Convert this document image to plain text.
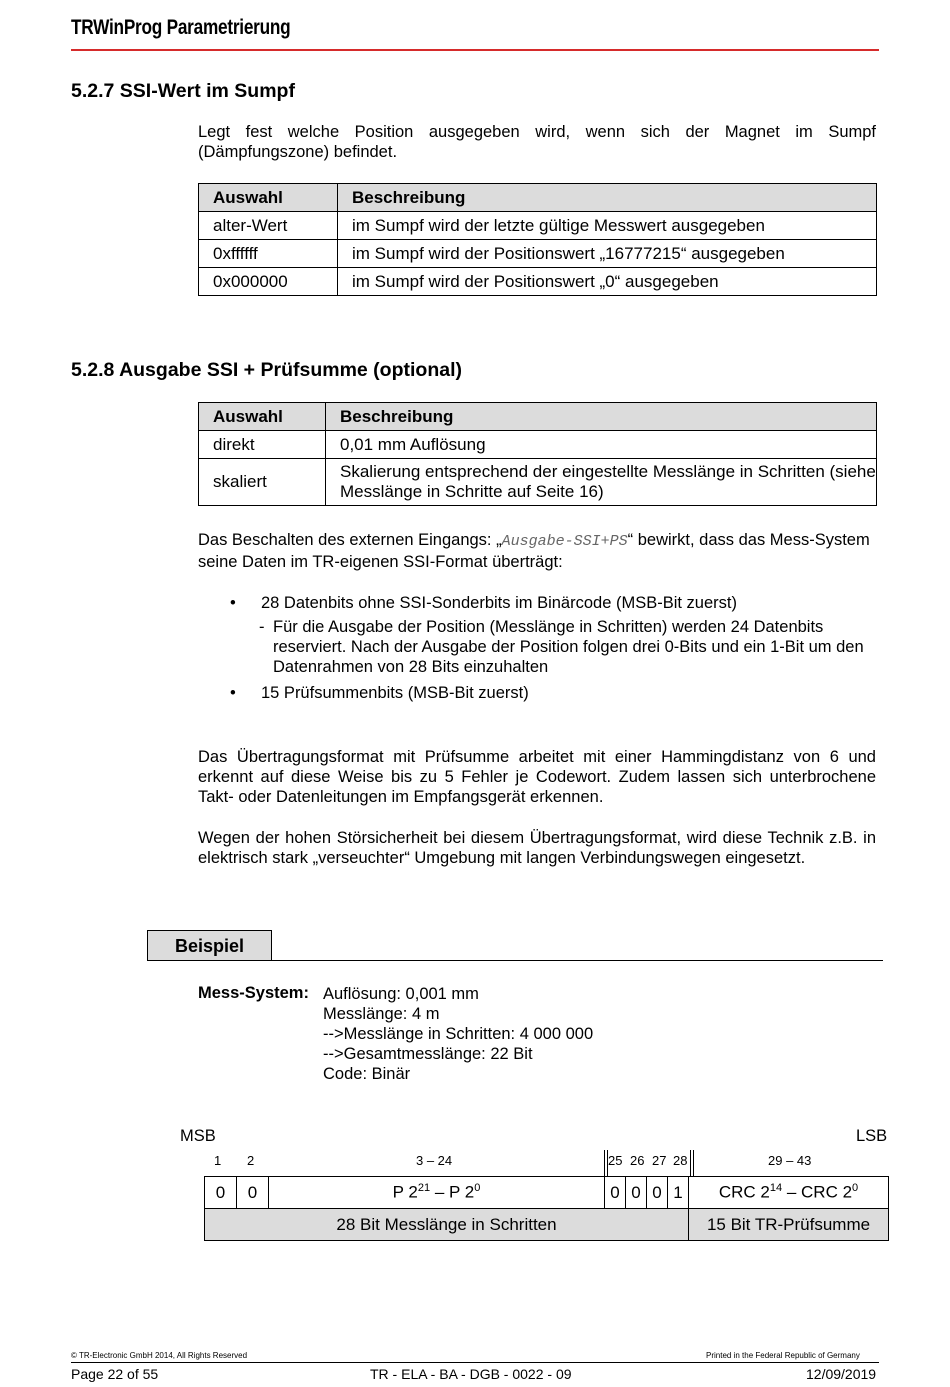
TRWinProg Parametrierung
5.2.7 SSI-Wert im Sumpf

Legt fest welche Position ausgegeben wird, wenn sich der Magnet im Sumpf (Dämpfungszone) befindet.

Auswahl	Beschreibung
alter-Wert	im Sumpf wird der letzte gültige Messwert ausgegeben
0xffffff	im Sumpf wird der Positionswert „16777215“ ausgegeben
0x000000	im Sumpf wird der Positionswert „0“ ausgegeben
5.2.8 Ausgabe SSI + Prüfsumme (optional)
Auswahl	Beschreibung
direkt	0,01 mm Auflösung
skaliert	Skalierung entsprechend der eingestellte Messlänge in Schritten (siehe Messlänge in Schritte auf Seite 16)

Das Beschalten des externen Eingangs: „Ausgabe-SSI+PS“ bewirkt, dass das Mess-System seine Daten im TR-eigenen SSI-Format überträgt:

• 28 Datenbits ohne SSI-Sonderbits im Binärcode (MSB-Bit zuerst)
- Für die Ausgabe der Position (Messlänge in Schritten) werden 24 Datenbits reserviert. Nach der Ausgabe der Position folgen drei 0-Bits und ein 1-Bit um den Datenrahmen von 28 Bits einzuhalten
• 15 Prüfsummenbits (MSB-Bit zuerst)

Das Übertragungsformat mit Prüfsumme arbeitet mit einer Hammingdistanz von 6 und erkennt auf diese Weise bis zu 5 Fehler je Codewort. Zudem lassen sich unterbrochene Takt- oder Datenleitungen im Empfangsgerät erkennen.

Wegen der hohen Störsicherheit bei diesem Übertragungsformat, wird diese Technik z.B. in elektrisch stark „verseuchter“ Umgebung mit langen Verbindungswegen eingesetzt.

Beispiel
Mess-System: Auflösung: 0,001 mm
Messlänge: 4 m
-->Messlänge in Schritten: 4 000 000
-->Gesamtmesslänge: 22 Bit
Code: Binär
MSB	LSB
1 2	3 – 24	25 26 27 28	29 – 43
0	0	P $2^{21}$ – P $2^0$	0	0	0	1	CRC $2^{14}$ – CRC $2^0$
28 Bit Messlänge in Schritten							15 Bit TR-Prüfsumme
© TR-Electronic GmbH 2014, All Rights Reserved	Printed in the Federal Republic of Germany
Page 22 of 55	TR - ELA - BA - DGB - 0022 - 09	12/09/2019
